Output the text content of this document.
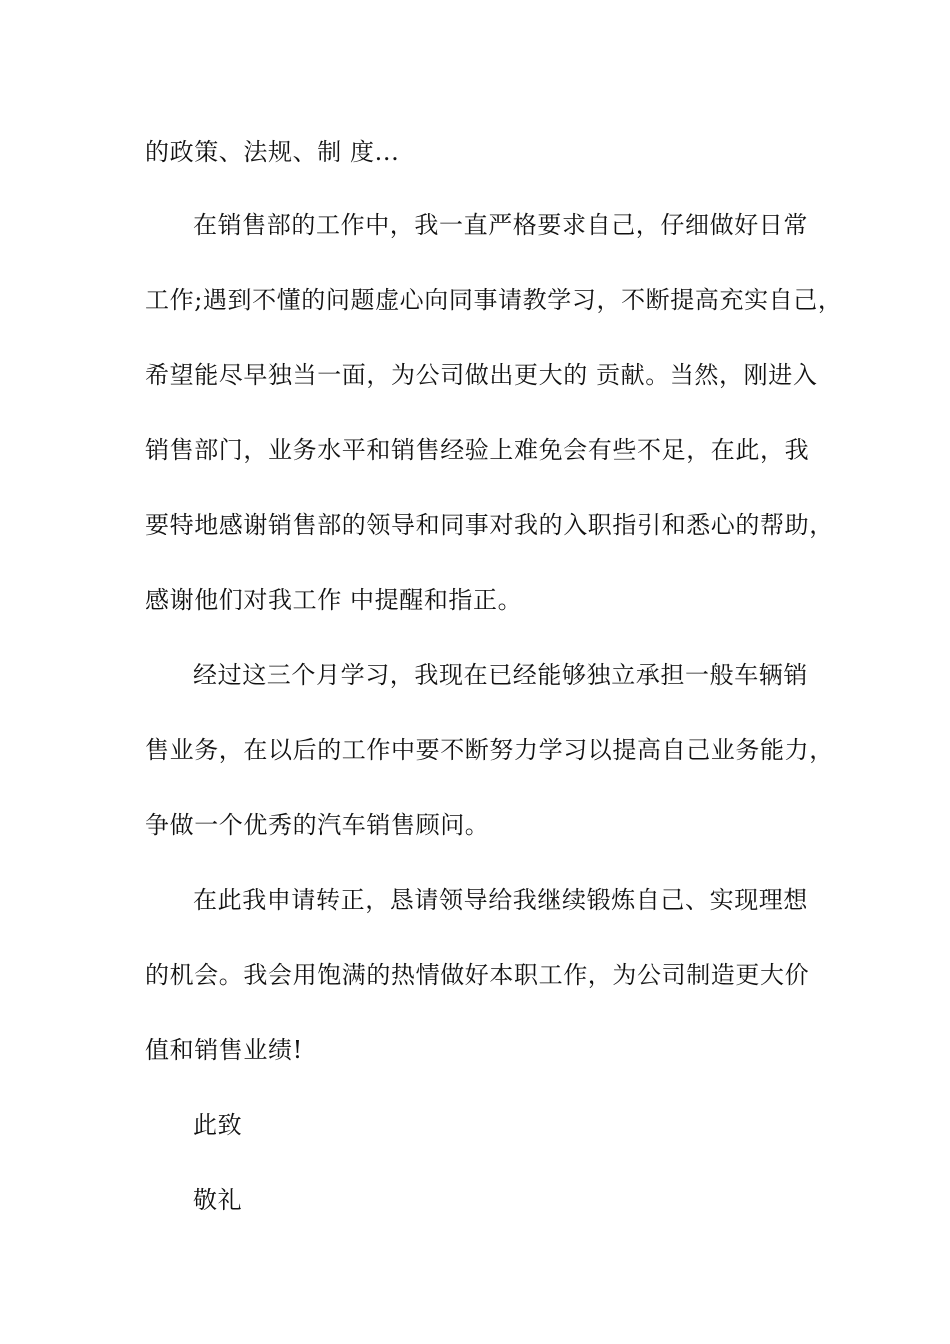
的政策、法规、制 度...
在销售部的工作中，我一直严格要求自己，仔细做好日常
工作;遇到不懂的问题虚心向同事请教学习，不断提高充实自己，
希望能尽早独当一面，为公司做出更大的 贡献。当然，刚进入
销售部门，业务水平和销售经验上难免会有些不足，在此，我
要特地感谢销售部的领导和同事对我的入职指引和悉心的帮助，
感谢他们对我工作 中提醒和指正。
经过这三个月学习，我现在已经能够独立承担一般车辆销
售业务，在以后的工作中要不断努力学习以提高自己业务能力，
争做一个优秀的汽车销售顾问。
在此我申请转正，恳请领导给我继续锻炼自己、实现理想
的机会。我会用饱满的热情做好本职工作，为公司制造更大价
值和销售业绩!
此致
敬礼
